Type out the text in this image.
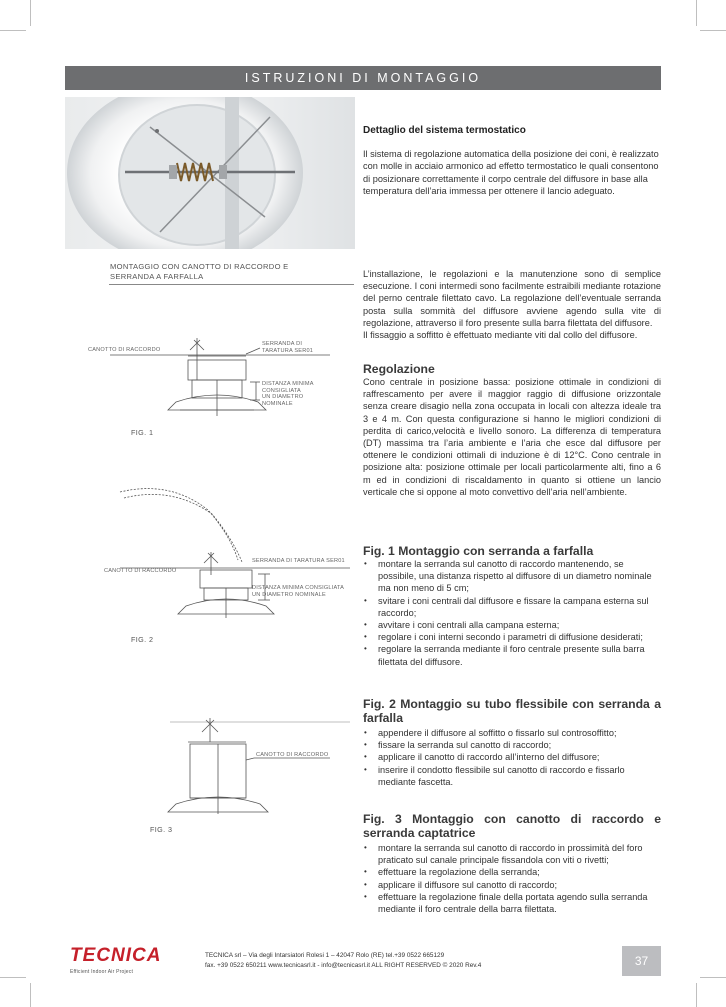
ISTRUZIONI DI MONTAGGIO

Dettaglio del sistema termostatico

Il sistema di regolazione automatica della posizione dei coni, è realizzato con molle in acciaio armonico ad effetto termostatico le quali consentono di posizionare correttamente il corpo centrale del diffusore in base alla temperatura dell’aria immessa per ottenere il lancio adeguato.

L’installazione, le regolazioni e la manutenzione sono di semplice esecuzione. I coni intermedi sono facilmente estraibili mediante rotazione del perno centrale filettato cavo. La regolazione dell’eventuale serranda posta sulla sommità del diffusore avviene agendo sulla vite di regolazione, attraverso il foro presente sulla barra filettata del diffusore.

Il fissaggio a soffitto è effettuato mediante viti dal collo del diffusore.

Regolazione

Cono centrale in posizione bassa: posizione ottimale in condizioni di raffrescamento per avere il maggior raggio di diffusione orizzontale senza creare disagio nella zona occupata in locali con altezza ideale tra 3 e 4 m. Con questa configurazione si hanno le migliori condizioni di perdita di carico,velocità e livello sonoro. La differenza di temperatura (DT) massima tra l’aria ambiente e l’aria che esce dal diffusore per ottenere le condizioni ottimali di induzione è di 12°C. Cono centrale in posizione alta: posizione ottimale per locali particolarmente alti, fino a 6 m ed in condizioni di riscaldamento in quanto si ottiene un lancio verticale che si oppone al moto convettivo dell’aria nell’ambiente.

Fig. 1 Montaggio con serranda a farfalla

• montare la serranda sul canotto di raccordo mantenendo, se possibile, una distanza rispetto al diffusore di un diametro nominale ma non meno di 5 cm;
• svitare i coni centrali dal diffusore e fissare la campana esterna sul raccordo;
• avvitare i coni centrali alla campana esterna;
• regolare i coni interni secondo i parametri di diffusione desiderati;
• regolare la serranda mediante il foro centrale presente sulla barra filettata del diffusore.

Fig. 2 Montaggio su tubo flessibile con serranda a farfalla

• appendere il diffusore al soffitto o fissarlo sul controsoffitto;
• fissare la serranda sul canotto di raccordo;
• applicare il canotto di raccordo all’interno del diffusore;
• inserire il condotto flessibile sul canotto di raccordo e fissarlo mediante fascetta.

Fig. 3 Montaggio con canotto di raccordo e serranda captatrice

• montare la serranda sul canotto di raccordo in prossimità del foro praticato sul canale principale fissandola con viti o rivetti;
• effettuare la regolazione della serranda;
• applicare il diffusore sul canotto di raccordo;
• effettuare la regolazione finale della portata agendo sulla serranda mediante il foro centrale della barra filettata.
MONTAGGIO CON CANOTTO DI RACCORDO E
SERRANDA A FARFALLA
CANOTTO DI RACCORDO
SERRANDA DI
TARATURA SER01
DISTANZA MINIMA
CONSIGLIATA
UN DIAMETRO
NOMINALE
FIG. 1
SERRANDA DI TARATURA SER01
CANOTTO DI RACCORDO
DISTANZA MINIMA CONSIGLIATA
UN DIAMETRO NOMINALE
FIG. 2
CANOTTO DI RACCORDO
FIG. 3
TECNICA
Efficient Indoor Air Project
TECNICA srl – Via degli Intarsiatori Rolesi 1 – 42047 Rolo (RE) tel.+39 0522 665129
fax. +39 0522 650211 www.tecnicasrl.it - info@tecnicasrl.it ALL RIGHT RESERVED © 2020 Rev.4	37
